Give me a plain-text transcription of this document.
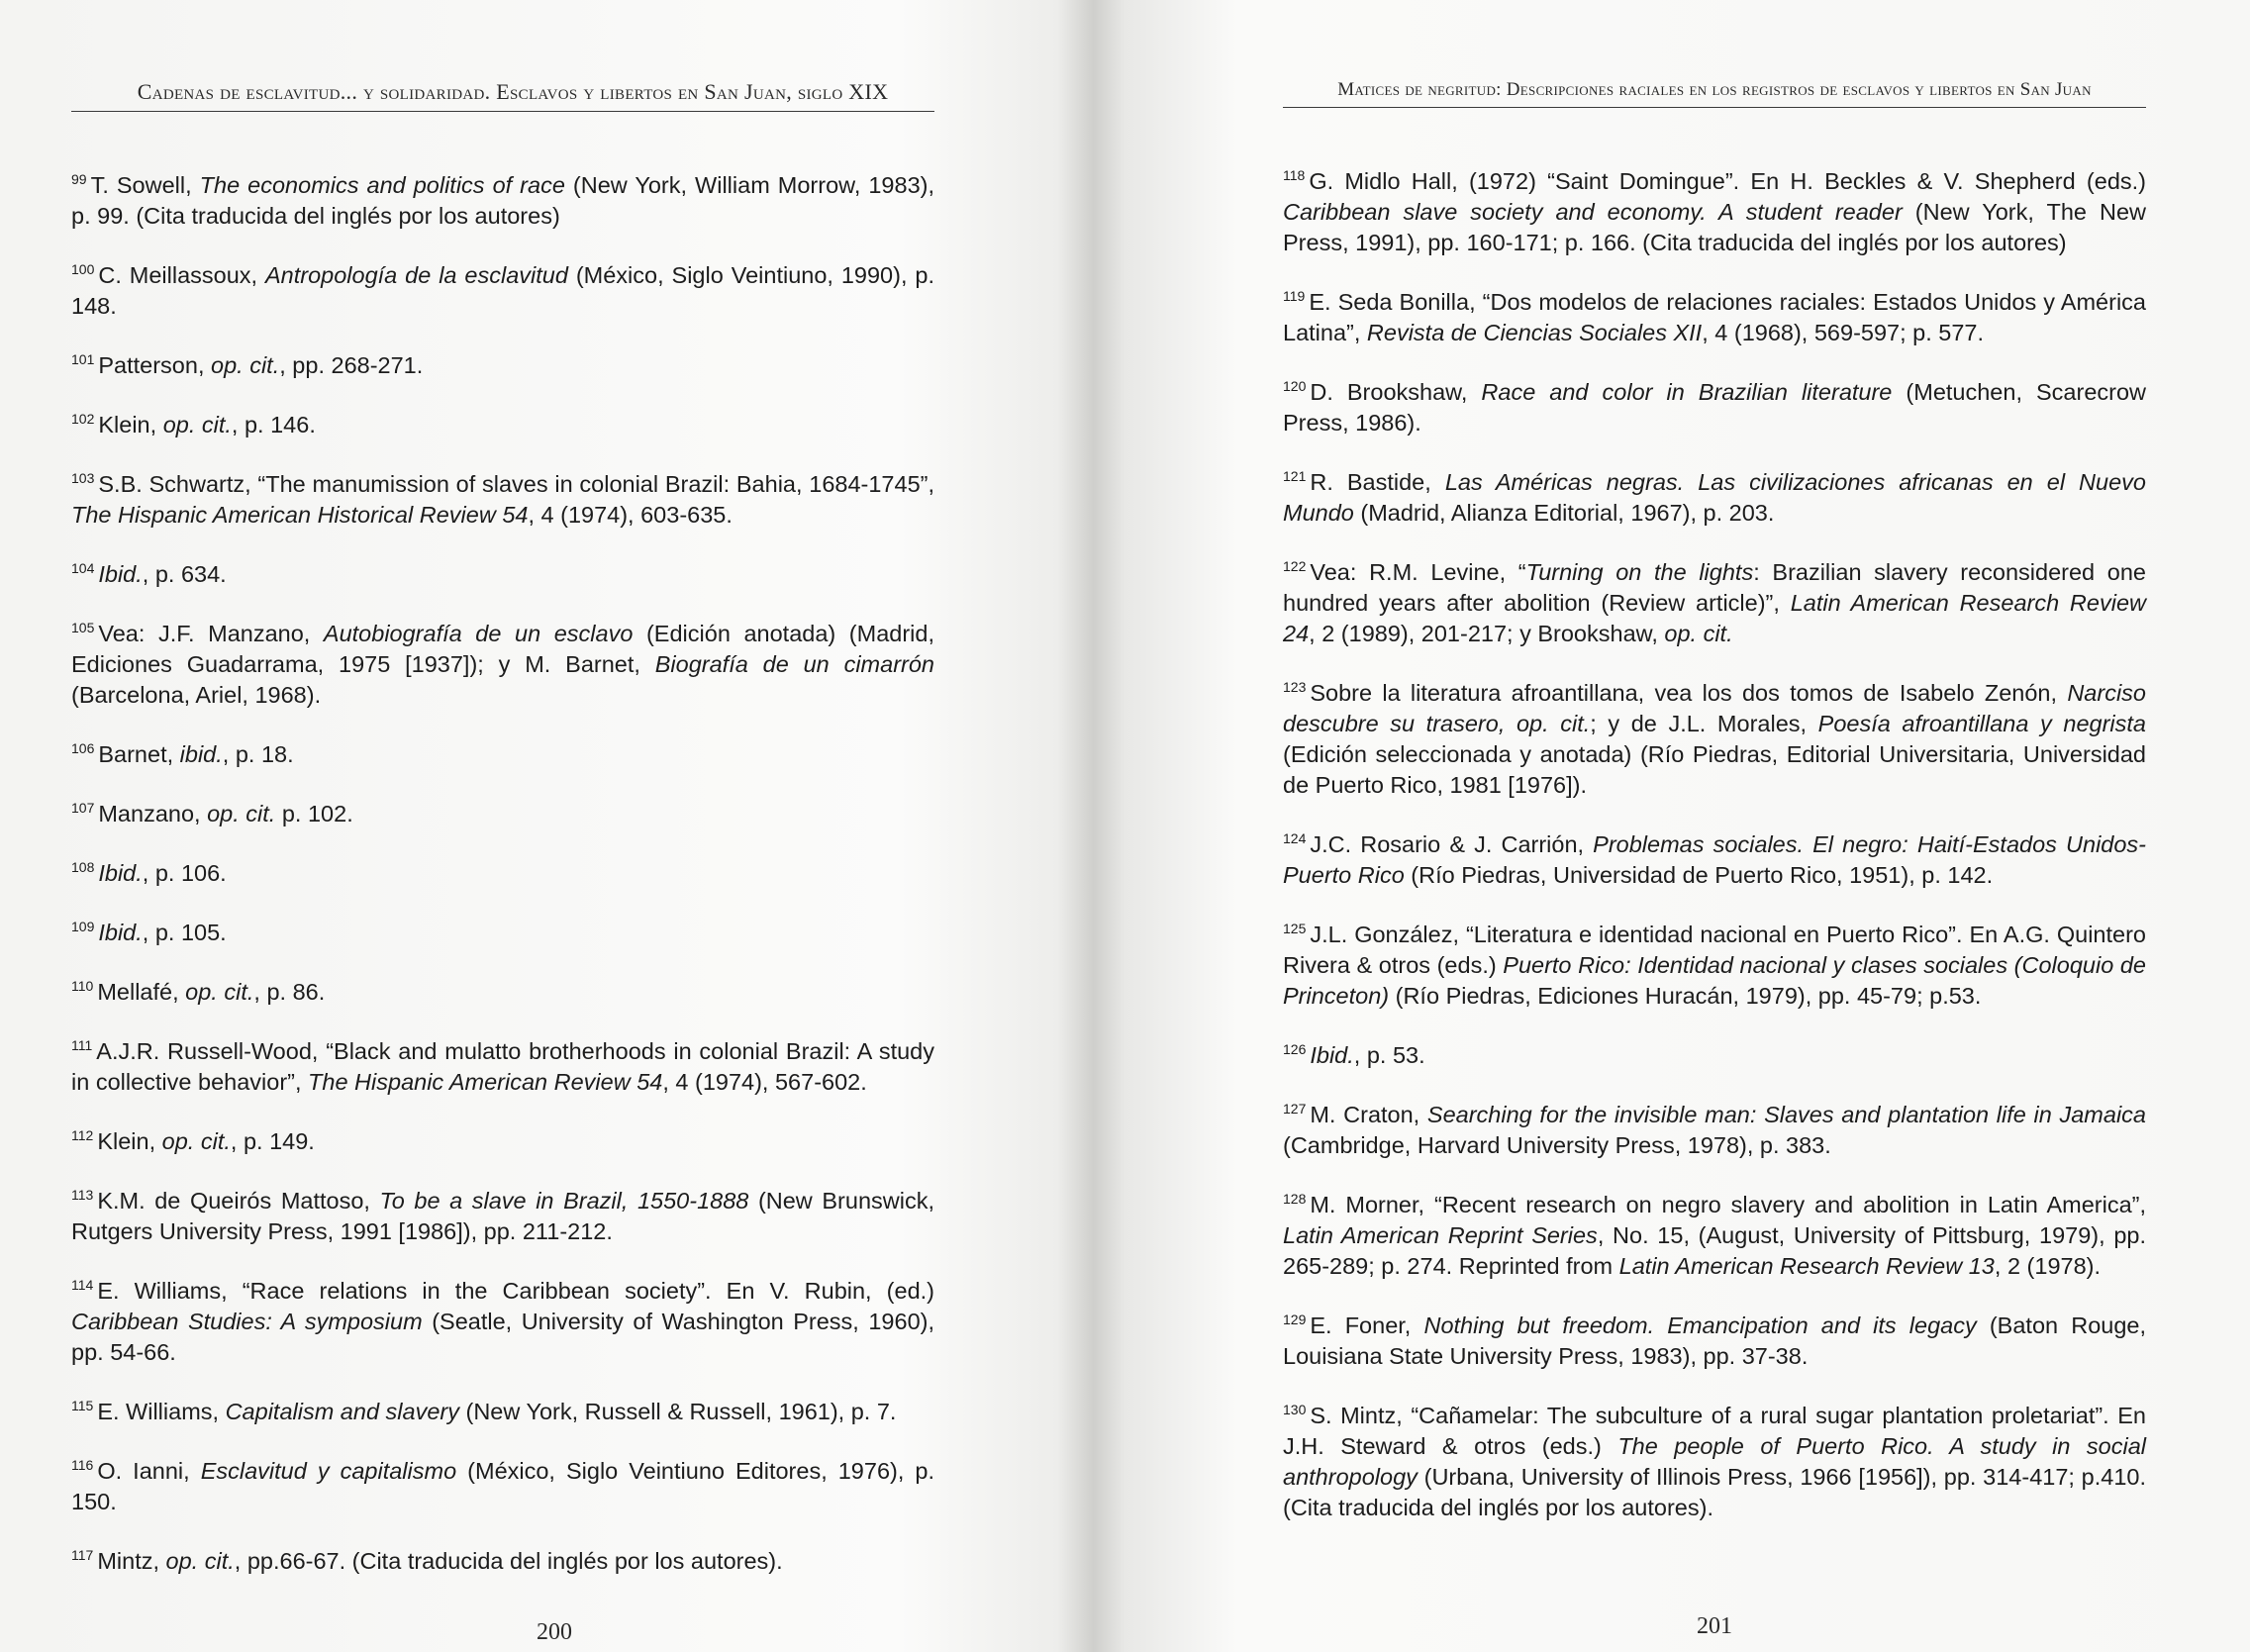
Cadenas de esclavitud... y solidaridad. Esclavos y libertos en San Juan, siglo XIX

$^{99}$ T. Sowell, The economics and politics of race (New York, William Morrow, 1983), p. 99. (Cita traducida del inglés por los autores)

$^{100}$ C. Meillassoux, Antropología de la esclavitud (México, Siglo Veintiuno, 1990), p. 148.

$^{101}$ Patterson, op. cit., pp. 268-271.

$^{102}$ Klein, op. cit., p. 146.

$^{103}$ S.B. Schwartz, “The manumission of slaves in colonial Brazil: Bahia, 1684-1745”, The Hispanic American Historical Review 54, 4 (1974), 603-635.

$^{104}$ Ibid., p. 634.

$^{105}$ Vea: J.F. Manzano, Autobiografía de un esclavo (Edición anotada) (Madrid, Ediciones Guadarrama, 1975 [1937]); y M. Barnet, Biografía de un cimarrón (Barcelona, Ariel, 1968).

$^{106}$ Barnet, ibid., p. 18.

$^{107}$ Manzano, op. cit. p. 102.

$^{108}$ Ibid., p. 106.

$^{109}$ Ibid., p. 105.

$^{110}$ Mellafé, op. cit., p. 86.

$^{111}$ A.J.R. Russell-Wood, “Black and mulatto brotherhoods in colonial Brazil: A study in collective behavior”, The Hispanic American Review 54, 4 (1974), 567-602.

$^{112}$ Klein, op. cit., p. 149.

$^{113}$ K.M. de Queirós Mattoso, To be a slave in Brazil, 1550-1888 (New Brunswick, Rutgers University Press, 1991 [1986]), pp. 211-212.

$^{114}$ E. Williams, “Race relations in the Caribbean society”. En V. Rubin, (ed.) Caribbean Studies: A symposium (Seatle, University of Washington Press, 1960), pp. 54-66.

$^{115}$ E. Williams, Capitalism and slavery (New York, Russell & Russell, 1961), p. 7.

$^{116}$ O. Ianni, Esclavitud y capitalismo (México, Siglo Veintiuno Editores, 1976), p. 150.

$^{117}$ Mintz, op. cit., pp.66-67. (Cita traducida del inglés por los autores).

200
Matices de negritud: Descripciones raciales en los registros de esclavos y libertos en San Juan

$^{118}$ G. Midlo Hall, (1972) “Saint Domingue”. En H. Beckles & V. Shepherd (eds.) Caribbean slave society and economy. A student reader (New York, The New Press, 1991), pp. 160-171; p. 166. (Cita traducida del inglés por los autores)

$^{119}$ E. Seda Bonilla, “Dos modelos de relaciones raciales: Estados Unidos y América Latina”, Revista de Ciencias Sociales XII, 4 (1968), 569-597; p. 577.

$^{120}$ D. Brookshaw, Race and color in Brazilian literature (Metuchen, Scarecrow Press, 1986).

$^{121}$ R. Bastide, Las Américas negras. Las civilizaciones africanas en el Nuevo Mundo (Madrid, Alianza Editorial, 1967), p. 203.

$^{122}$ Vea: R.M. Levine, “Turning on the lights: Brazilian slavery reconsidered one hundred years after abolition (Review article)”, Latin American Research Review 24, 2 (1989), 201-217; y Brookshaw, op. cit.

$^{123}$ Sobre la literatura afroantillana, vea los dos tomos de Isabelo Zenón, Narciso descubre su trasero, op. cit.; y de J.L. Morales, Poesía afroantillana y negrista (Edición seleccionada y anotada) (Río Piedras, Editorial Universitaria, Universidad de Puerto Rico, 1981 [1976]).

$^{124}$ J.C. Rosario & J. Carrión, Problemas sociales. El negro: Haití-Estados Unidos-Puerto Rico (Río Piedras, Universidad de Puerto Rico, 1951), p. 142.

$^{125}$ J.L. González, “Literatura e identidad nacional en Puerto Rico”. En A.G. Quintero Rivera & otros (eds.) Puerto Rico: Identidad nacional y clases sociales (Coloquio de Princeton) (Río Piedras, Ediciones Huracán, 1979), pp. 45-79; p.53.

$^{126}$ Ibid., p. 53.

$^{127}$ M. Craton, Searching for the invisible man: Slaves and plantation life in Jamaica (Cambridge, Harvard University Press, 1978), p. 383.

$^{128}$ M. Morner, “Recent research on negro slavery and abolition in Latin America”, Latin American Reprint Series, No. 15, (August, University of Pittsburg, 1979), pp. 265-289; p. 274. Reprinted from Latin American Research Review 13, 2 (1978).

$^{129}$ E. Foner, Nothing but freedom. Emancipation and its legacy (Baton Rouge, Louisiana State University Press, 1983), pp. 37-38.

$^{130}$ S. Mintz, “Cañamelar: The subculture of a rural sugar plantation proletariat”. En J.H. Steward & otros (eds.) The people of Puerto Rico. A study in social anthropology (Urbana, University of Illinois Press, 1966 [1956]), pp. 314-417; p.410. (Cita traducida del inglés por los autores).

201
